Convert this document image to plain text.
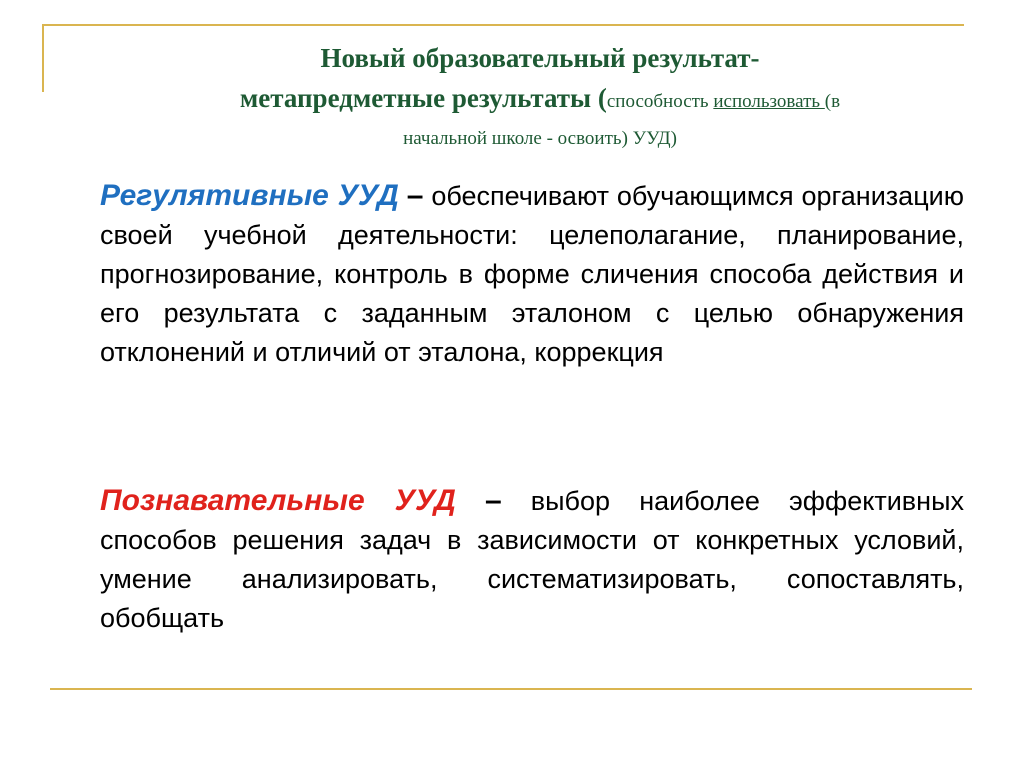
Новый образовательный результат-
метапредметные результаты (способность использовать (в
начальной школе - освоить) УУД)
Регулятивные УУД – обеспечивают обучающимся организацию своей учебной деятельности: целеполагание, планирование, прогнозирование, контроль в форме сличения способа действия и его результата с заданным эталоном с целью обнаружения отклонений и отличий от эталона, коррекция
Познавательные УУД – выбор наиболее эффективных способов решения задач в зависимости от конкретных условий, умение анализировать, систематизировать, сопоставлять, обобщать
